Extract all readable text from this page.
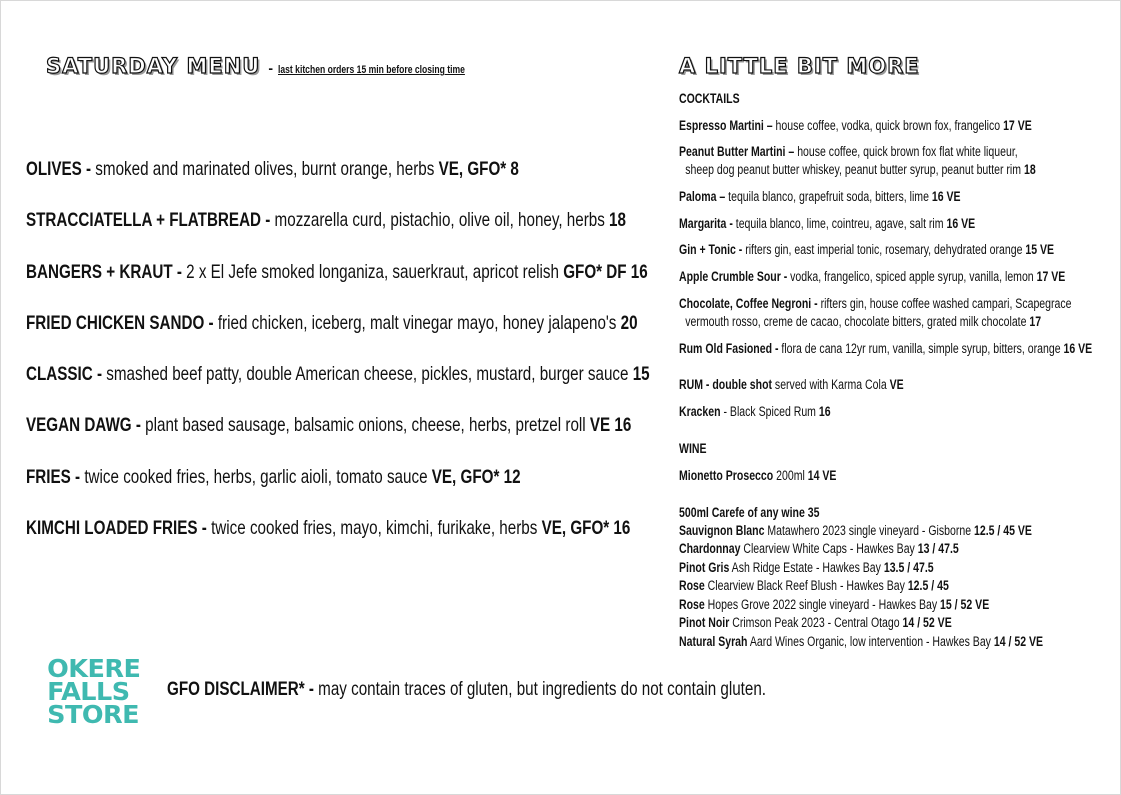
SATURDAY MENU - last kitchen orders 15 min before closing time
OLIVES - smoked and marinated olives, burnt orange, herbs VE, GFO* 8
STRACCIATELLA + FLATBREAD - mozzarella curd, pistachio, olive oil, honey, herbs 18
BANGERS + KRAUT - 2 x El Jefe smoked longaniza, sauerkraut, apricot relish GFO* DF 16
FRIED CHICKEN SANDO - fried chicken, iceberg, malt vinegar mayo, honey jalapeno's 20
CLASSIC - smashed beef patty, double American cheese, pickles, mustard, burger sauce 15
VEGAN DAWG - plant based sausage, balsamic onions, cheese, herbs, pretzel roll VE 16
FRIES - twice cooked fries, herbs, garlic aioli, tomato sauce VE, GFO* 12
KIMCHI LOADED FRIES - twice cooked fries, mayo, kimchi, furikake, herbs VE, GFO* 16
OKERE
FALLS
STORE
GFO DISCLAIMER* - may contain traces of gluten, but ingredients do not contain gluten.
A LITTLE BIT MORE
COCKTAILS
Espresso Martini – house coffee, vodka, quick brown fox, frangelico 17 VE
Peanut Butter Martini – house coffee, quick brown fox flat white liqueur,
sheep dog peanut butter whiskey, peanut butter syrup, peanut butter rim 18
Paloma – tequila blanco, grapefruit soda, bitters, lime 16 VE
Margarita - tequila blanco, lime, cointreu, agave, salt rim 16 VE
Gin + Tonic - rifters gin, east imperial tonic, rosemary, dehydrated orange 15 VE
Apple Crumble Sour - vodka, frangelico, spiced apple syrup, vanilla, lemon 17 VE
Chocolate, Coffee Negroni - rifters gin, house coffee washed campari, Scapegrace
vermouth rosso, creme de cacao, chocolate bitters, grated milk chocolate 17
Rum Old Fasioned - flora de cana 12yr rum, vanilla, simple syrup, bitters, orange 16 VE
RUM - double shot served with Karma Cola VE
Kracken - Black Spiced Rum 16
WINE
Mionetto Prosecco 200ml 14 VE
500ml Carefe of any wine 35
Sauvignon Blanc Matawhero 2023 single vineyard - Gisborne 12.5 / 45 VE
Chardonnay Clearview White Caps - Hawkes Bay 13 / 47.5
Pinot Gris Ash Ridge Estate - Hawkes Bay 13.5 / 47.5
Rose Clearview Black Reef Blush - Hawkes Bay 12.5 / 45
Rose Hopes Grove 2022 single vineyard - Hawkes Bay 15 / 52 VE
Pinot Noir Crimson Peak 2023 - Central Otago 14 / 52 VE
Natural Syrah Aard Wines Organic, low intervention - Hawkes Bay 14 / 52 VE
